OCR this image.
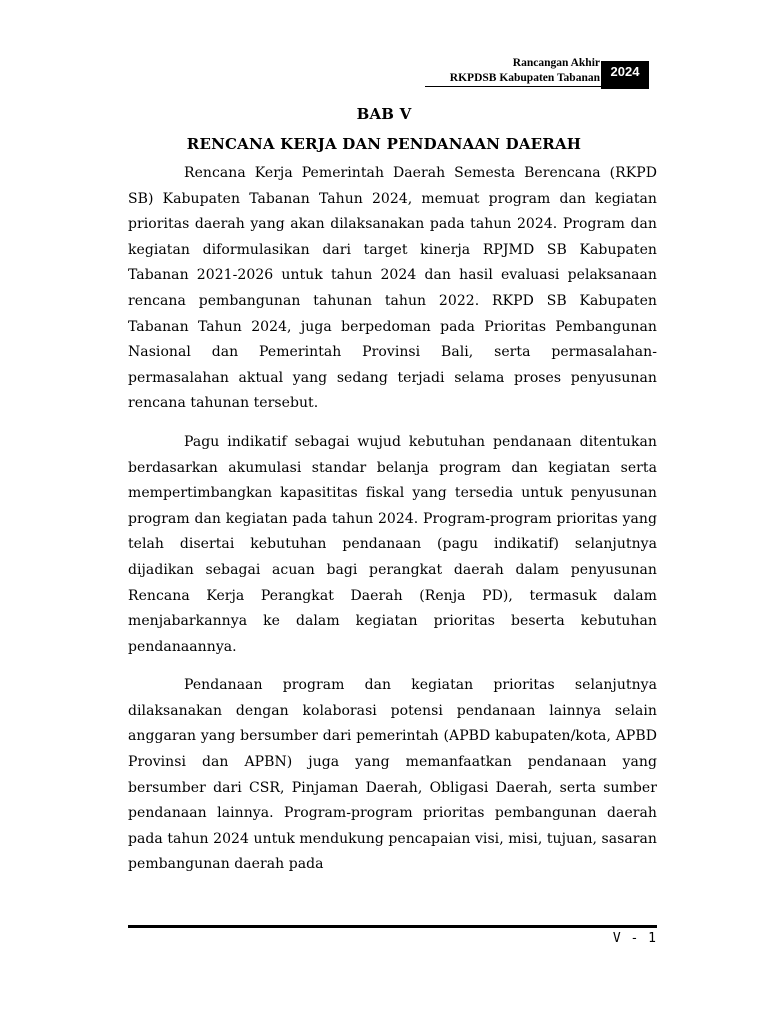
Rancangan Akhir
RKPDSB Kabupaten Tabanan 2024
BAB V
RENCANA KERJA DAN PENDANAAN DAERAH

Rencana Kerja Pemerintah Daerah Semesta Berencana (RKPD SB) Kabupaten Tabanan Tahun 2024, memuat program dan kegiatan prioritas daerah yang akan dilaksanakan pada tahun 2024. Program dan kegiatan diformulasikan dari target kinerja RPJMD SB Kabupaten Tabanan 2021-2026 untuk tahun 2024 dan hasil evaluasi pelaksanaan rencana pembangunan tahunan tahun 2022. RKPD SB Kabupaten Tabanan Tahun 2024, juga berpedoman pada Prioritas Pembangunan Nasional dan Pemerintah Provinsi Bali, serta permasalahan-permasalahan aktual yang sedang terjadi selama proses penyusunan rencana tahunan tersebut.

Pagu indikatif sebagai wujud kebutuhan pendanaan ditentukan berdasarkan akumulasi standar belanja program dan kegiatan serta mempertimbangkan kapasititas fiskal yang tersedia untuk penyusunan program dan kegiatan pada tahun 2024. Program-program prioritas yang telah disertai kebutuhan pendanaan (pagu indikatif) selanjutnya dijadikan sebagai acuan bagi perangkat daerah dalam penyusunan Rencana Kerja Perangkat Daerah (Renja PD), termasuk dalam menjabarkannya ke dalam kegiatan prioritas beserta kebutuhan pendanaannya.

Pendanaan program dan kegiatan prioritas selanjutnya dilaksanakan dengan kolaborasi potensi pendanaan lainnya selain anggaran yang bersumber dari pemerintah (APBD kabupaten/kota, APBD Provinsi dan APBN) juga yang memanfaatkan pendanaan yang bersumber dari CSR, Pinjaman Daerah, Obligasi Daerah, serta sumber pendanaan lainnya. Program-program prioritas pembangunan daerah pada tahun 2024 untuk mendukung pencapaian visi, misi, tujuan, sasaran pembangunan daerah pada

V - 1
